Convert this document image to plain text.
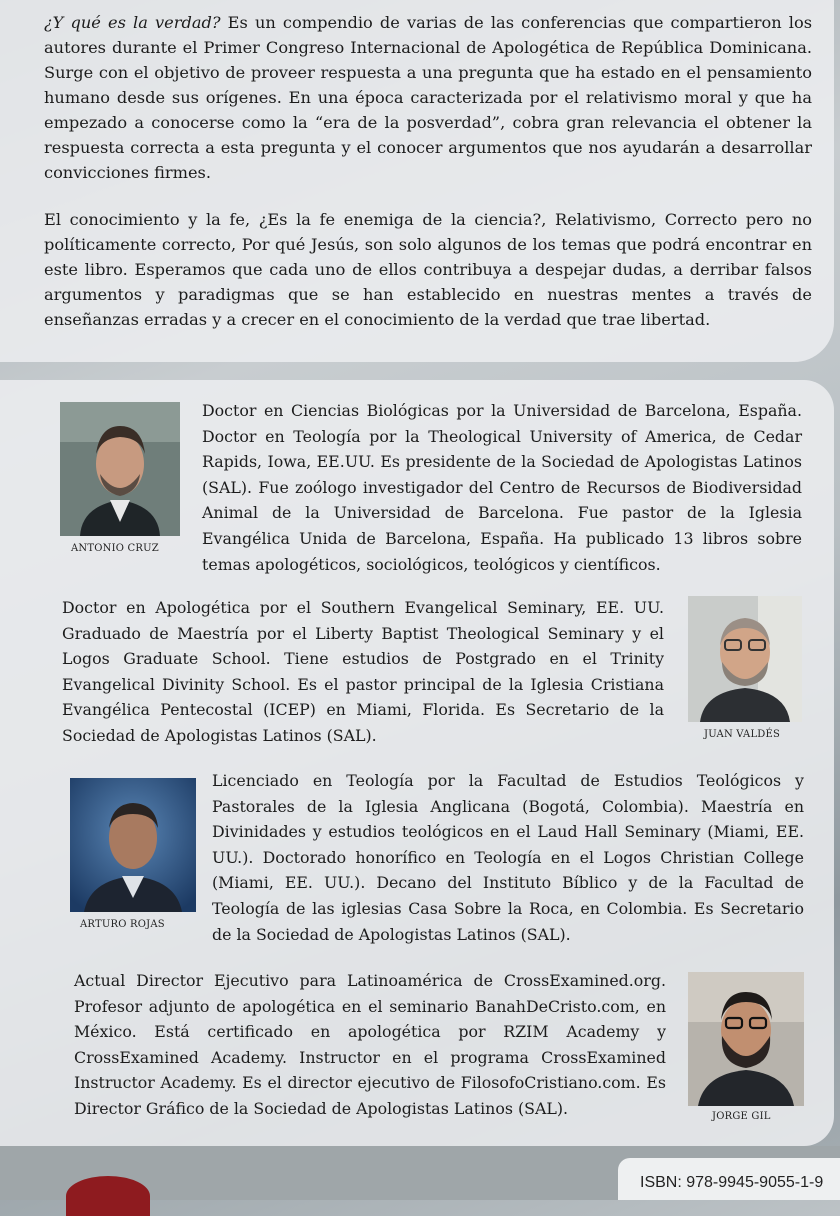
¿Y qué es la verdad? Es un compendio de varias de las conferencias que compartieron los autores durante el Primer Congreso Internacional de Apologética de República Dominicana. Surge con el objetivo de proveer respuesta a una pregunta que ha estado en el pensamiento humano desde sus orígenes. En una época caracterizada por el relativismo moral y que ha empezado a conocerse como la “era de la posverdad”, cobra gran relevancia el obtener la respuesta correcta a esta pregunta y el conocer argumentos que nos ayudarán a desarrollar convicciones firmes.

El conocimiento y la fe, ¿Es la fe enemiga de la ciencia?, Relativismo, Correcto pero no políticamente correcto, Por qué Jesús, son solo algunos de los temas que podrá encontrar en este libro. Esperamos que cada uno de ellos contribuya a despejar dudas, a derribar falsos argumentos y paradigmas que se han establecido en nuestras mentes a través de enseñanzas erradas y a crecer en el conocimiento de la verdad que trae libertad.

ANTONIO CRUZ

Doctor en Ciencias Biológicas por la Universidad de Barcelona, España. Doctor en Teología por la Theological University of America, de Cedar Rapids, Iowa, EE.UU. Es presidente de la Sociedad de Apologistas Latinos (SAL). Fue zoólogo investigador del Centro de Recursos de Biodiversidad Animal de la Universidad de Barcelona. Fue pastor de la Iglesia Evangélica Unida de Barcelona, España. Ha publicado 13 libros sobre temas apologéticos, sociológicos, teológicos y científicos.

Doctor en Apologética por el Southern Evangelical Seminary, EE. UU. Graduado de Maestría por el Liberty Baptist Theological Seminary y el Logos Graduate School. Tiene estudios de Postgrado en el Trinity Evangelical Divinity School. Es el pastor principal de la Iglesia Cristiana Evangélica Pentecostal (ICEP) en Miami, Florida. Es Secretario de la Sociedad de Apologistas Latinos (SAL).	JUAN VALDÉS
ARTURO ROJAS

Licenciado en Teología por la Facultad de Estudios Teológicos y Pastorales de la Iglesia Anglicana (Bogotá, Colombia). Maestría en Divinidades y estudios teológicos en el Laud Hall Seminary (Miami, EE. UU.). Doctorado honorífico en Teología en el Logos Christian College (Miami, EE. UU.). Decano del Instituto Bíblico y de la Facultad de Teología de las iglesias Casa Sobre la Roca, en Colombia. Es Secretario de la Sociedad de Apologistas Latinos (SAL).

Actual Director Ejecutivo para Latinoamérica de CrossExamined.org. Profesor adjunto de apologética en el seminario BanahDeCristo.com, en México. Está certificado en apologética por RZIM Academy y CrossExamined Academy. Instructor en el programa CrossExamined Instructor Academy. Es el director ejecutivo de FilosofoCristiano.com. Es Director Gráfico de la Sociedad de Apologistas Latinos (SAL).	JORGE GIL
ISBN: 978-9945-9055-1-9
